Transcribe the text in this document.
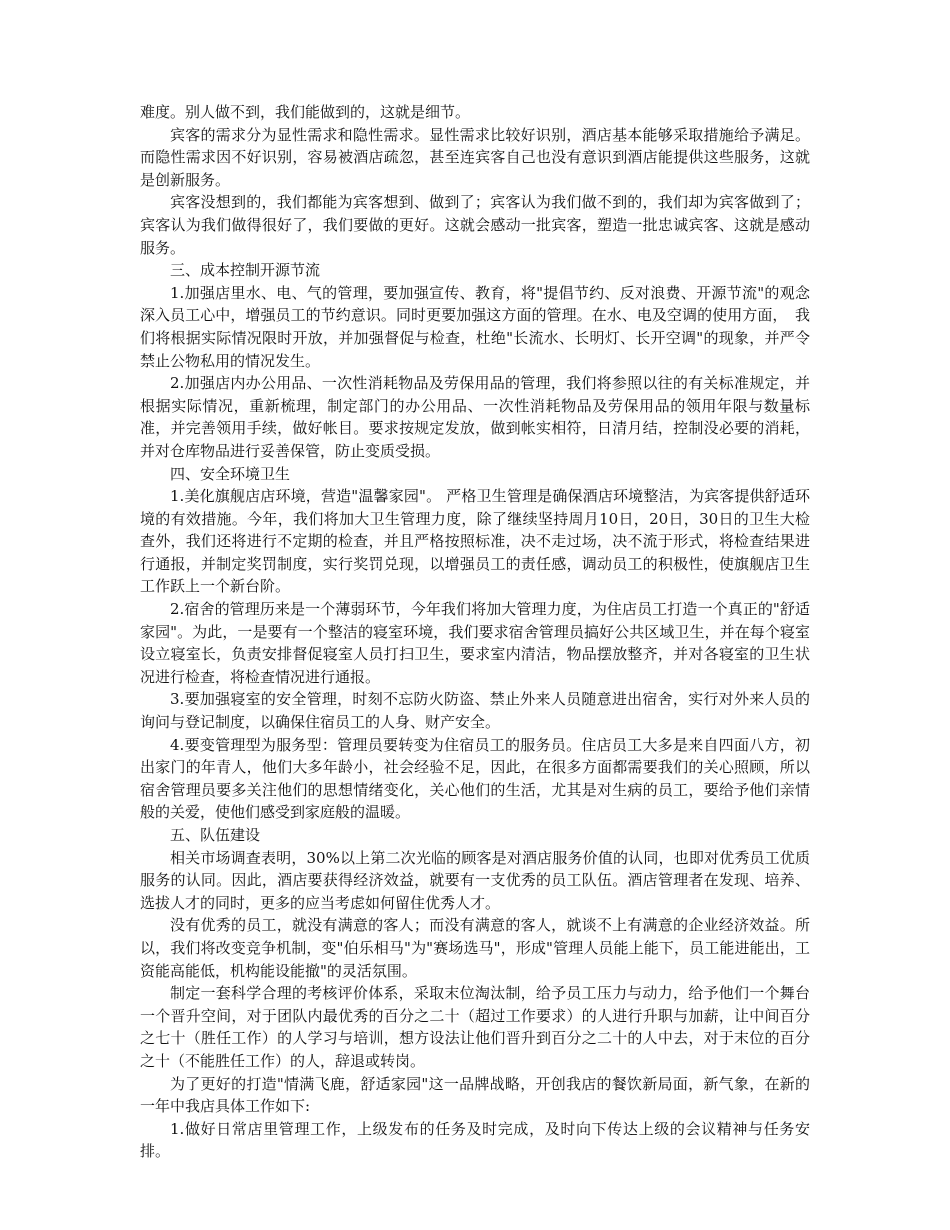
难度。别人做不到，我们能做到的，这就是细节。

宾客的需求分为显性需求和隐性需求。显性需求比较好识别，酒店基本能够采取措施给予满足。而隐性需求因不好识别，容易被酒店疏忽，甚至连宾客自己也没有意识到酒店能提供这些服务，这就是创新服务。

宾客没想到的，我们都能为宾客想到、做到了；宾客认为我们做不到的，我们却为宾客做到了；宾客认为我们做得很好了，我们要做的更好。这就会感动一批宾客，塑造一批忠诚宾客、这就是感动服务。

三、成本控制开源节流

1.加强店里水、电、气的管理，要加强宣传、教育，将"提倡节约、反对浪费、开源节流"的观念深入员工心中，增强员工的节约意识。同时更要加强这方面的管理。在水、电及空调的使用方面，　我们将根据实际情况限时开放，并加强督促与检查，杜绝"长流水、长明灯、长开空调"的现象，并严令禁止公物私用的情况发生。

2.加强店内办公用品、一次性消耗物品及劳保用品的管理，我们将参照以往的有关标准规定，并根据实际情况，重新梳理，制定部门的办公用品、一次性消耗物品及劳保用品的领用年限与数量标准，并完善领用手续，做好帐目。要求按规定发放，做到帐实相符，日清月结，控制没必要的消耗，并对仓库物品进行妥善保管，防止变质受损。

四、安全环境卫生

1.美化旗舰店店环境，营造"温馨家园"。 严格卫生管理是确保酒店环境整洁，为宾客提供舒适环境的有效措施。今年，我们将加大卫生管理力度，除了继续坚持周月10日，20日，30日的卫生大检查外，我们还将进行不定期的检查，并且严格按照标准，决不走过场，决不流于形式，将检查结果进行通报，并制定奖罚制度，实行奖罚兑现，以增强员工的责任感，调动员工的积极性，使旗舰店卫生工作跃上一个新台阶。

2.宿舍的管理历来是一个薄弱环节，今年我们将加大管理力度，为住店员工打造一个真正的"舒适家园"。为此，一是要有一个整洁的寝室环境，我们要求宿舍管理员搞好公共区域卫生，并在每个寝室设立寝室长，负责安排督促寝室人员打扫卫生，要求室内清洁，物品摆放整齐，并对各寝室的卫生状况进行检查，将检查情况进行通报。

3.要加强寝室的安全管理，时刻不忘防火防盗、禁止外来人员随意进出宿舍，实行对外来人员的询问与登记制度，以确保住宿员工的人身、财产安全。

4.要变管理型为服务型：管理员要转变为住宿员工的服务员。住店员工大多是来自四面八方，初出家门的年青人，他们大多年龄小，社会经验不足，因此，在很多方面都需要我们的关心照顾，所以宿舍管理员要多关注他们的思想情绪变化，关心他们的生活，尤其是对生病的员工，要给予他们亲情般的关爱，使他们感受到家庭般的温暖。

五、队伍建设

相关市场调查表明，30%以上第二次光临的顾客是对酒店服务价值的认同，也即对优秀员工优质服务的认同。因此，酒店要获得经济效益，就要有一支优秀的员工队伍。酒店管理者在发现、培养、选拔人才的同时，更多的应当考虑如何留住优秀人才。

没有优秀的员工，就没有满意的客人；而没有满意的客人，就谈不上有满意的企业经济效益。所以，我们将改变竞争机制，变"伯乐相马"为"赛场选马"，形成"管理人员能上能下，员工能进能出，工资能高能低，机构能设能撤"的灵活氛围。

制定一套科学合理的考核评价体系，采取末位淘汰制，给予员工压力与动力，给予他们一个舞台一个晋升空间，对于团队内最优秀的百分之二十（超过工作要求）的人进行升职与加薪，让中间百分之七十（胜任工作）的人学习与培训，想方设法让他们晋升到百分之二十的人中去，对于末位的百分之十（不能胜任工作）的人，辞退或转岗。

为了更好的打造"情满飞鹿，舒适家园"这一品牌战略，开创我店的餐饮新局面，新气象，在新的一年中我店具体工作如下:

1.做好日常店里管理工作，上级发布的任务及时完成，及时向下传达上级的会议精神与任务安排。
